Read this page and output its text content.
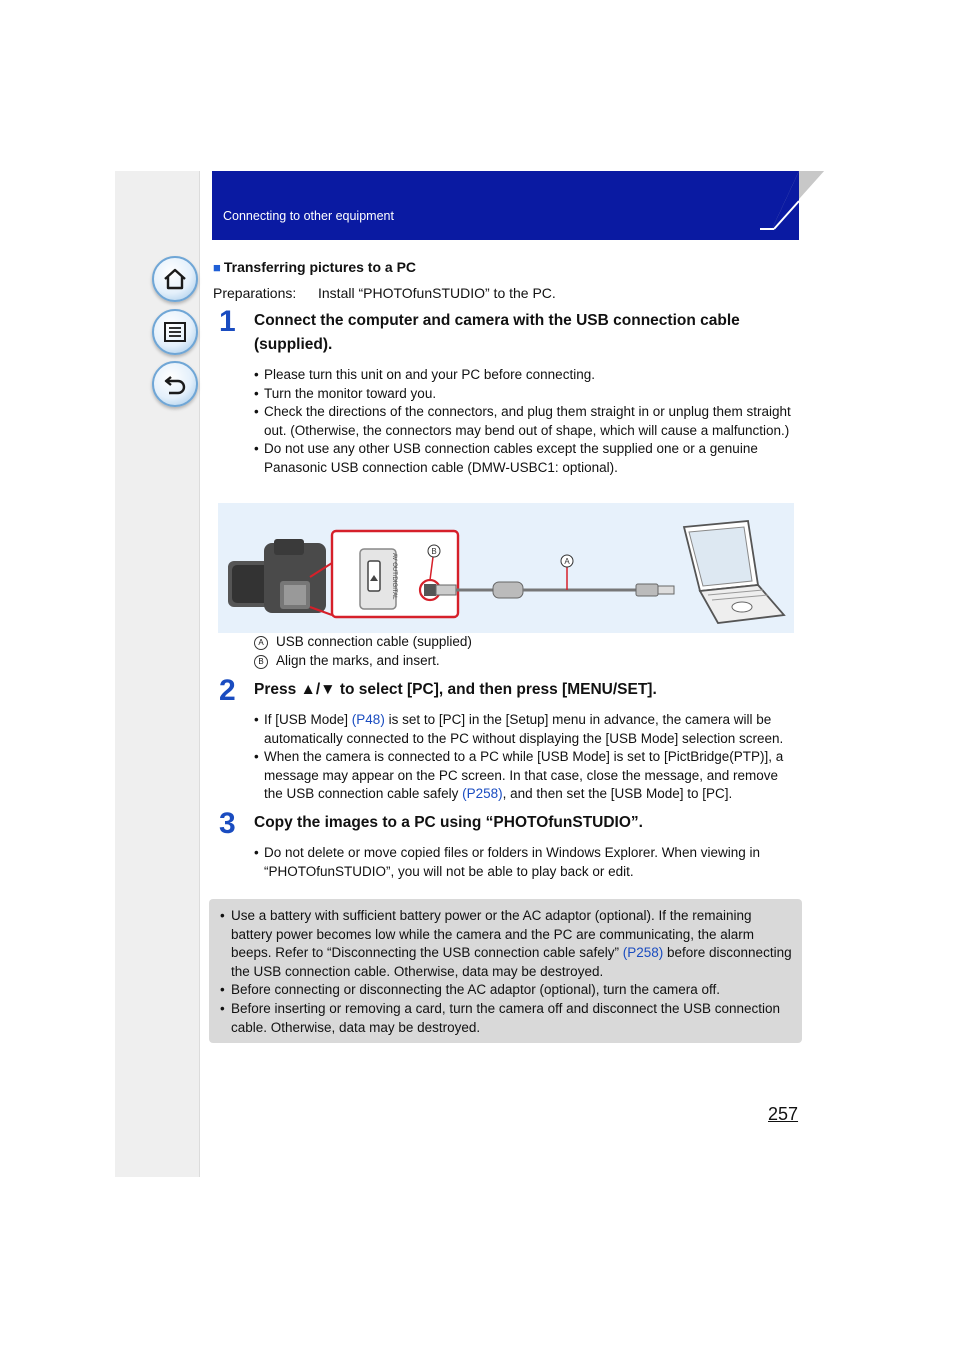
Connecting to other equipment
■ Transferring pictures to a PC
Preparations: Install “PHOTOfunSTUDIO” to the PC.
1 Connect the computer and camera with the USB connection cable (supplied).
• Please turn this unit on and your PC before connecting.
• Turn the monitor toward you.
• Check the directions of the connectors, and plug them straight in or unplug them straight out. (Otherwise, the connectors may bend out of shape, which will cause a malfunction.)
• Do not use any other USB connection cables except the supplied one or a genuine Panasonic USB connection cable (DMW-USBC1: optional).
AV OUT/DIGITAL	A
B
A USB connection cable (supplied)
B Align the marks, and insert.
2 Press ▲/▼ to select [PC], and then press [MENU/SET].
• If [USB Mode] (P48) is set to [PC] in the [Setup] menu in advance, the camera will be automatically connected to the PC without displaying the [USB Mode] selection screen.
• When the camera is connected to a PC while [USB Mode] is set to [PictBridge(PTP)], a message may appear on the PC screen. In that case, close the message, and remove the USB connection cable safely (P258), and then set the [USB Mode] to [PC].
3 Copy the images to a PC using “PHOTOfunSTUDIO”.
• Do not delete or move copied files or folders in Windows Explorer. When viewing in “PHOTOfunSTUDIO”, you will not be able to play back or edit.
• Use a battery with sufficient battery power or the AC adaptor (optional). If the remaining battery power becomes low while the camera and the PC are communicating, the alarm beeps. Refer to “Disconnecting the USB connection cable safely” (P258) before disconnecting the USB connection cable. Otherwise, data may be destroyed.
• Before connecting or disconnecting the AC adaptor (optional), turn the camera off.
• Before inserting or removing a card, turn the camera off and disconnect the USB connection cable. Otherwise, data may be destroyed.
257
